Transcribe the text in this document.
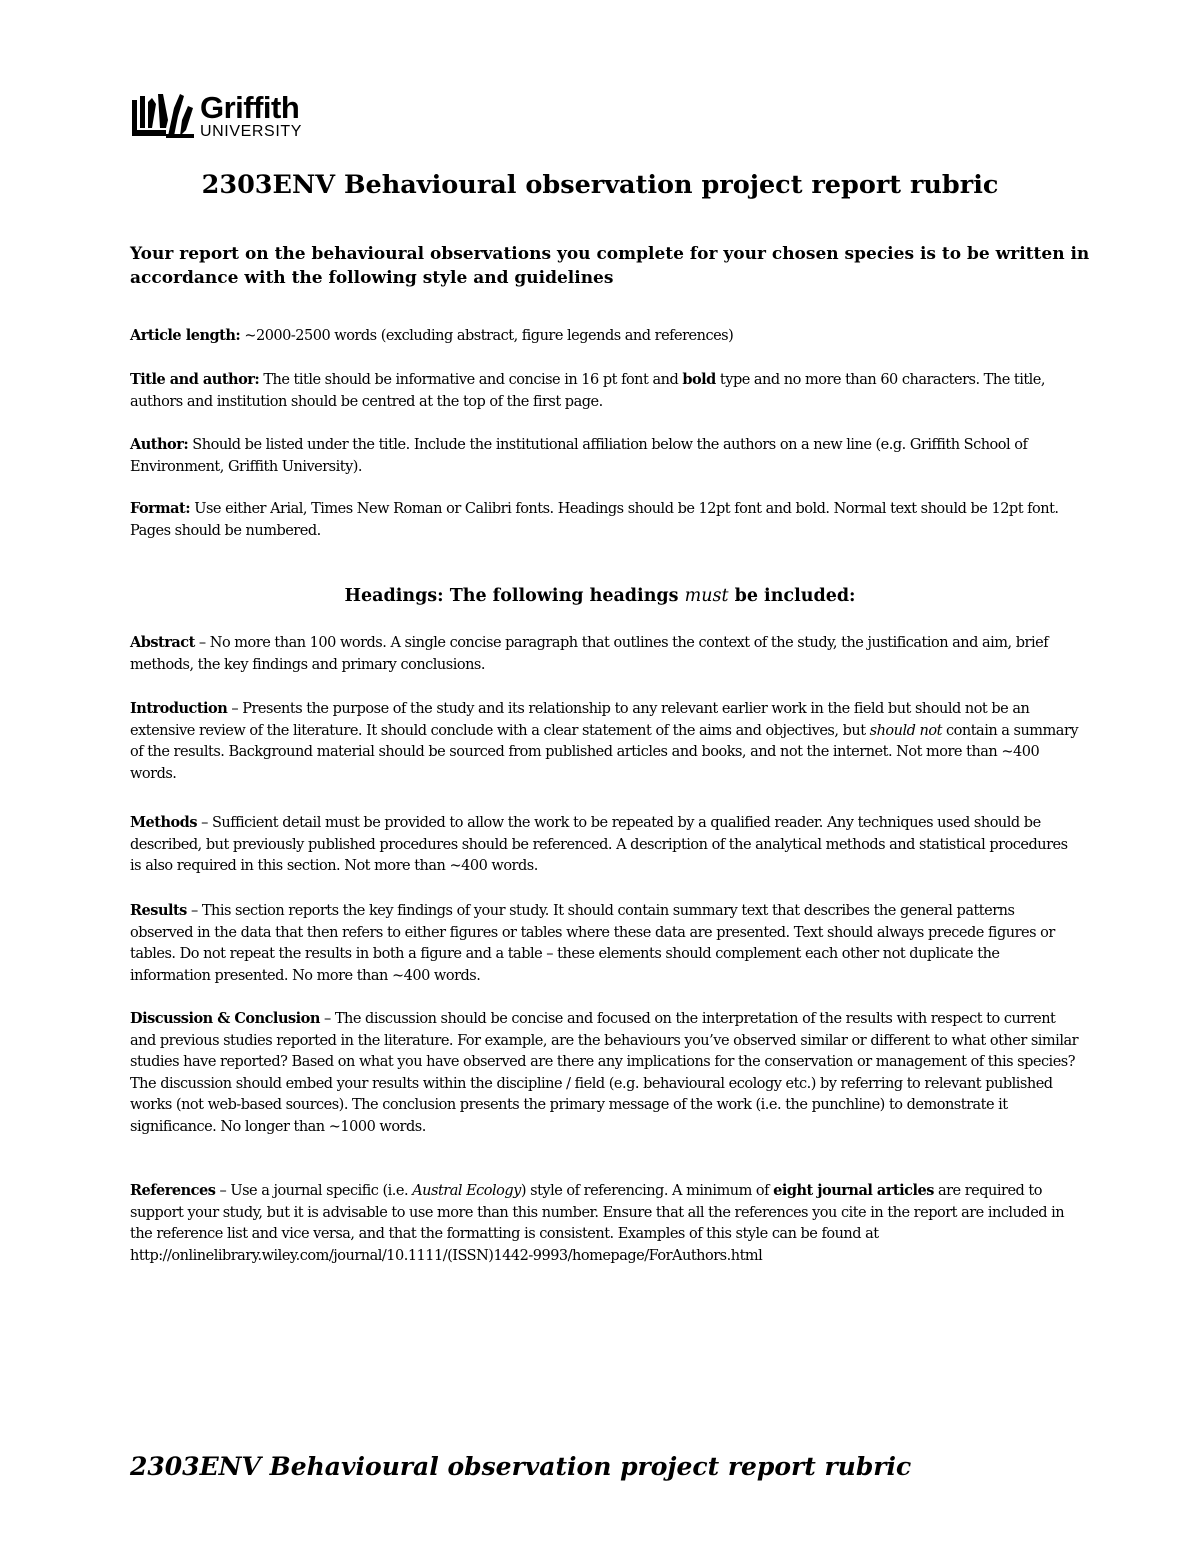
Griffith
UNIVERSITY
2303ENV Behavioural observation project report rubric

Your report on the behavioural observations you complete for your chosen species is to be written in accordance with the following style and guidelines

Article length: ~2000-2500 words (excluding abstract, figure legends and references)

Title and author: The title should be informative and concise in 16 pt font and bold type and no more than 60 characters. The title, authors and institution should be centred at the top of the first page.

Author: Should be listed under the title. Include the institutional affiliation below the authors on a new line (e.g. Griffith School of Environment, Griffith University).

Format: Use either Arial, Times New Roman or Calibri fonts. Headings should be 12pt font and bold. Normal text should be 12pt font. Pages should be numbered.

Headings: The following headings must be included:

Abstract – No more than 100 words. A single concise paragraph that outlines the context of the study, the justification and aim, brief methods, the key findings and primary conclusions.

Introduction – Presents the purpose of the study and its relationship to any relevant earlier work in the field but should not be an extensive review of the literature. It should conclude with a clear statement of the aims and objectives, but should not contain a summary of the results. Background material should be sourced from published articles and books, and not the internet. Not more than ~400 words.

Methods – Sufficient detail must be provided to allow the work to be repeated by a qualified reader. Any techniques used should be described, but previously published procedures should be referenced. A description of the analytical methods and statistical procedures is also required in this section. Not more than ~400 words.

Results – This section reports the key findings of your study. It should contain summary text that describes the general patterns observed in the data that then refers to either figures or tables where these data are presented. Text should always precede figures or tables. Do not repeat the results in both a figure and a table – these elements should complement each other not duplicate the information presented. No more than ~400 words.

Discussion & Conclusion – The discussion should be concise and focused on the interpretation of the results with respect to current and previous studies reported in the literature. For example, are the behaviours you’ve observed similar or different to what other similar studies have reported? Based on what you have observed are there any implications for the conservation or management of this species? The discussion should embed your results within the discipline / field (e.g. behavioural ecology etc.) by referring to relevant published works (not web-based sources). The conclusion presents the primary message of the work (i.e. the punchline) to demonstrate it significance. No longer than ~1000 words.

References – Use a journal specific (i.e. Austral Ecology) style of referencing. A minimum of eight journal articles are required to support your study, but it is advisable to use more than this number. Ensure that all the references you cite in the report are included in the reference list and vice versa, and that the formatting is consistent. Examples of this style can be found at http://onlinelibrary.wiley.com/journal/10.1111/(ISSN)1442-9993/homepage/ForAuthors.html

2303ENV Behavioural observation project report rubric
